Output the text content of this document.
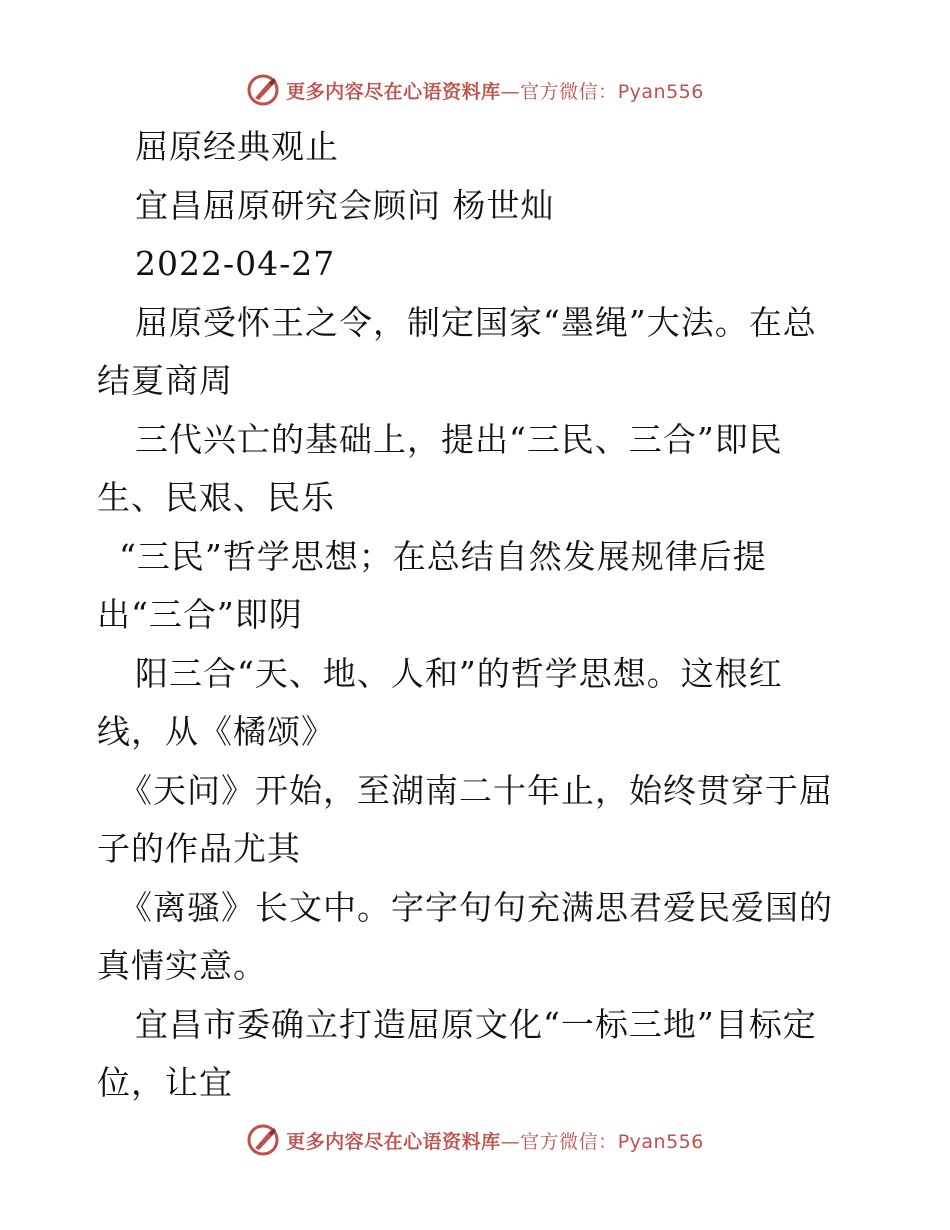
更多内容尽在心语资料库—官方微信：Pyan556
屈原经典观止
宜昌屈原研究会顾问 杨世灿
2022-04-27
屈原受怀王之令，制定国家“墨绳”大法。在总
结夏商周
三代兴亡的基础上，提出“三民、三合”即民
生、民艰、民乐
“三民”哲学思想；在总结自然发展规律后提
出“三合”即阴
阳三合“天、地、人和”的哲学思想。这根红
线，从《橘颂》
《天问》开始，至湖南二十年止，始终贯穿于屈
子的作品尤其
《离骚》长文中。字字句句充满思君爱民爱国的
真情实意。
宜昌市委确立打造屈原文化“一标三地”目标定
位，让宜
更多内容尽在心语资料库—官方微信：Pyan556
